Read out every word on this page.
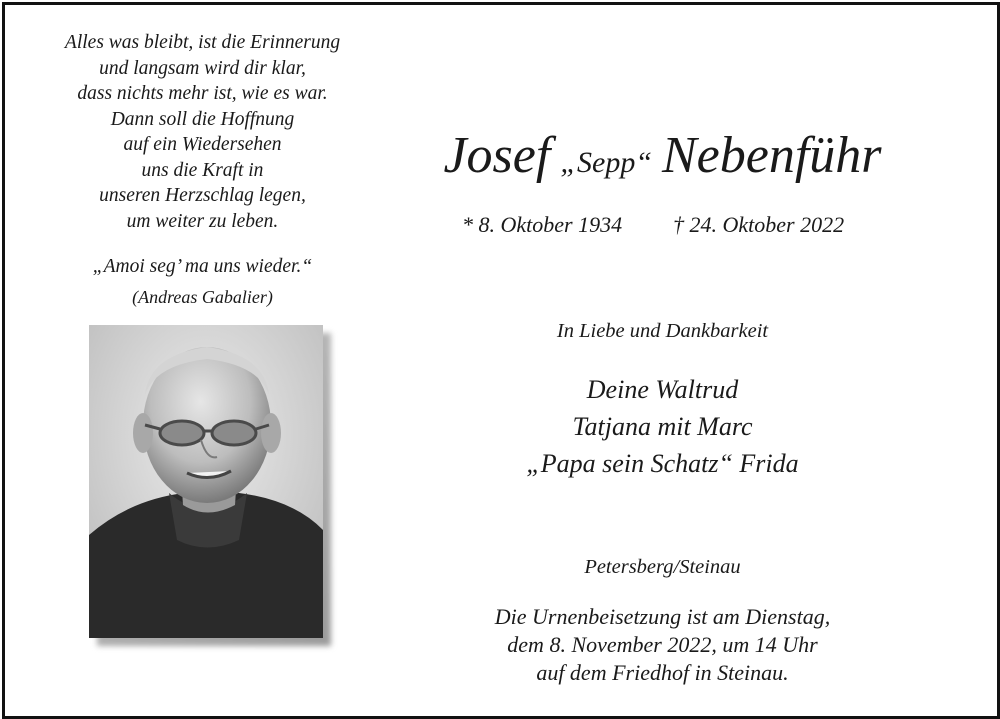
Alles was bleibt, ist die Erinnerung
und langsam wird dir klar,
dass nichts mehr ist, wie es war.
Dann soll die Hoffnung
auf ein Wiedersehen
uns die Kraft in
unseren Herzschlag legen,
um weiter zu leben.
„Amoi seg’ ma uns wieder.“
(Andreas Gabalier)
Josef „Sepp“ Nebenführ
* 8. Oktober 1934 † 24. Oktober 2022
In Liebe und Dankbarkeit
Deine Waltrud
Tatjana mit Marc
„Papa sein Schatz“ Frida
Petersberg/Steinau
Die Urnenbeisetzung ist am Dienstag,
dem 8. November 2022, um 14 Uhr
auf dem Friedhof in Steinau.
